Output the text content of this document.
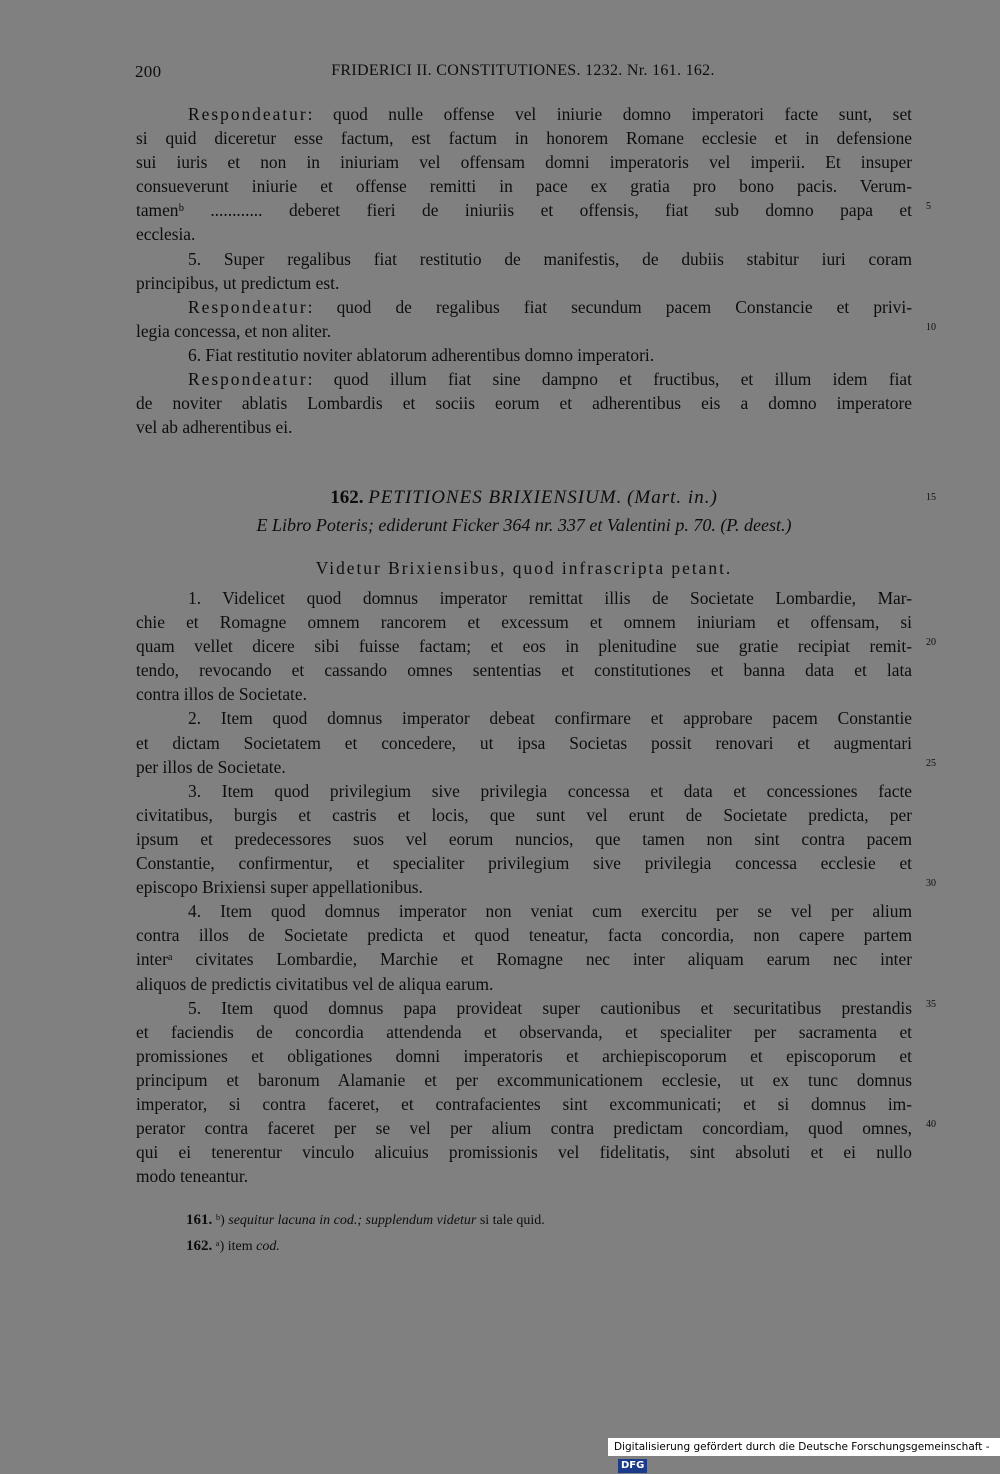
200	FRIDERICI II. CONSTITUTIONES. 1232. Nr. 161. 162.
Respondeatur: quod nulle offense vel iniurie domno imperatori facte sunt, set
si quid diceretur esse factum, est factum in honorem Romane ecclesie et in defensione
sui iuris et non in iniuriam vel offensam domni imperatoris vel imperii. Et insuper
consueverunt iniurie et offense remitti in pace ex gratia pro bono pacis. Verum-
tamenᵇ ............ deberet fieri de iniuriis et offensis, fiat sub domno papa et 5
ecclesia.
5. Super regalibus fiat restitutio de manifestis, de dubiis stabitur iuri coram
principibus, ut predictum est.
Respondeatur: quod de regalibus fiat secundum pacem Constancie et privi-
legia concessa, et non aliter.	10
6. Fiat restitutio noviter ablatorum adherentibus domno imperatori.
Respondeatur: quod illum fiat sine dampno et fructibus, et illum idem fiat
de noviter ablatis Lombardis et sociis eorum et adherentibus eis a domno imperatore
vel ab adherentibus ei.
162. PETITIONES BRIXIENSIUM. (Mart. in.)	15
E Libro Poteris; ediderunt Ficker 364 nr. 337 et Valentini p. 70. (P. deest.)
Videtur Brixiensibus, quod infrascripta petant.
1. Videlicet quod domnus imperator remittat illis de Societate Lombardie, Mar-
chie et Romagne omnem rancorem et excessum et omnem iniuriam et offensam, si
quam vellet dicere sibi fuisse factam; et eos in plenitudine sue gratie recipiat remit- 20
tendo, revocando et cassando omnes sententias et constitutiones et banna data et lata
contra illos de Societate.
2. Item quod domnus imperator debeat confirmare et approbare pacem Constantie
et dictam Societatem et concedere, ut ipsa Societas possit renovari et augmentari
per illos de Societate.	25
3. Item quod privilegium sive privilegia concessa et data et concessiones facte
civitatibus, burgis et castris et locis, que sunt vel erunt de Societate predicta, per
ipsum et predecessores suos vel eorum nuncios, que tamen non sint contra pacem
Constantie, confirmentur, et specialiter privilegium sive privilegia concessa ecclesie et
episcopo Brixiensi super appellationibus.	30
4. Item quod domnus imperator non veniat cum exercitu per se vel per alium
contra illos de Societate predicta et quod teneatur, facta concordia, non capere partem
interᵃ civitates Lombardie, Marchie et Romagne nec inter aliquam earum nec inter
aliquos de predictis civitatibus vel de aliqua earum.
5. Item quod domnus papa provideat super cautionibus et securitatibus prestandis 35
et faciendis de concordia attendenda et observanda, et specialiter per sacramenta et
promissiones et obligationes domni imperatoris et archiepiscoporum et episcoporum et
principum et baronum Alamanie et per excommunicationem ecclesie, ut ex tunc domnus
imperator, si contra faceret, et contrafacientes sint excommunicati; et si domnus im-
perator contra faceret per se vel per alium contra predictam concordiam, quod omnes, 40
qui ei tenerentur vinculo alicuius promissionis vel fidelitatis, sint absoluti et ei nullo
modo teneantur.
161. ᵇ) sequitur lacuna in cod.; supplendum videtur si tale quid.
162. ᵃ) item cod.
Digitalisierung gefördert durch die Deutsche Forschungsgemeinschaft -DFG
